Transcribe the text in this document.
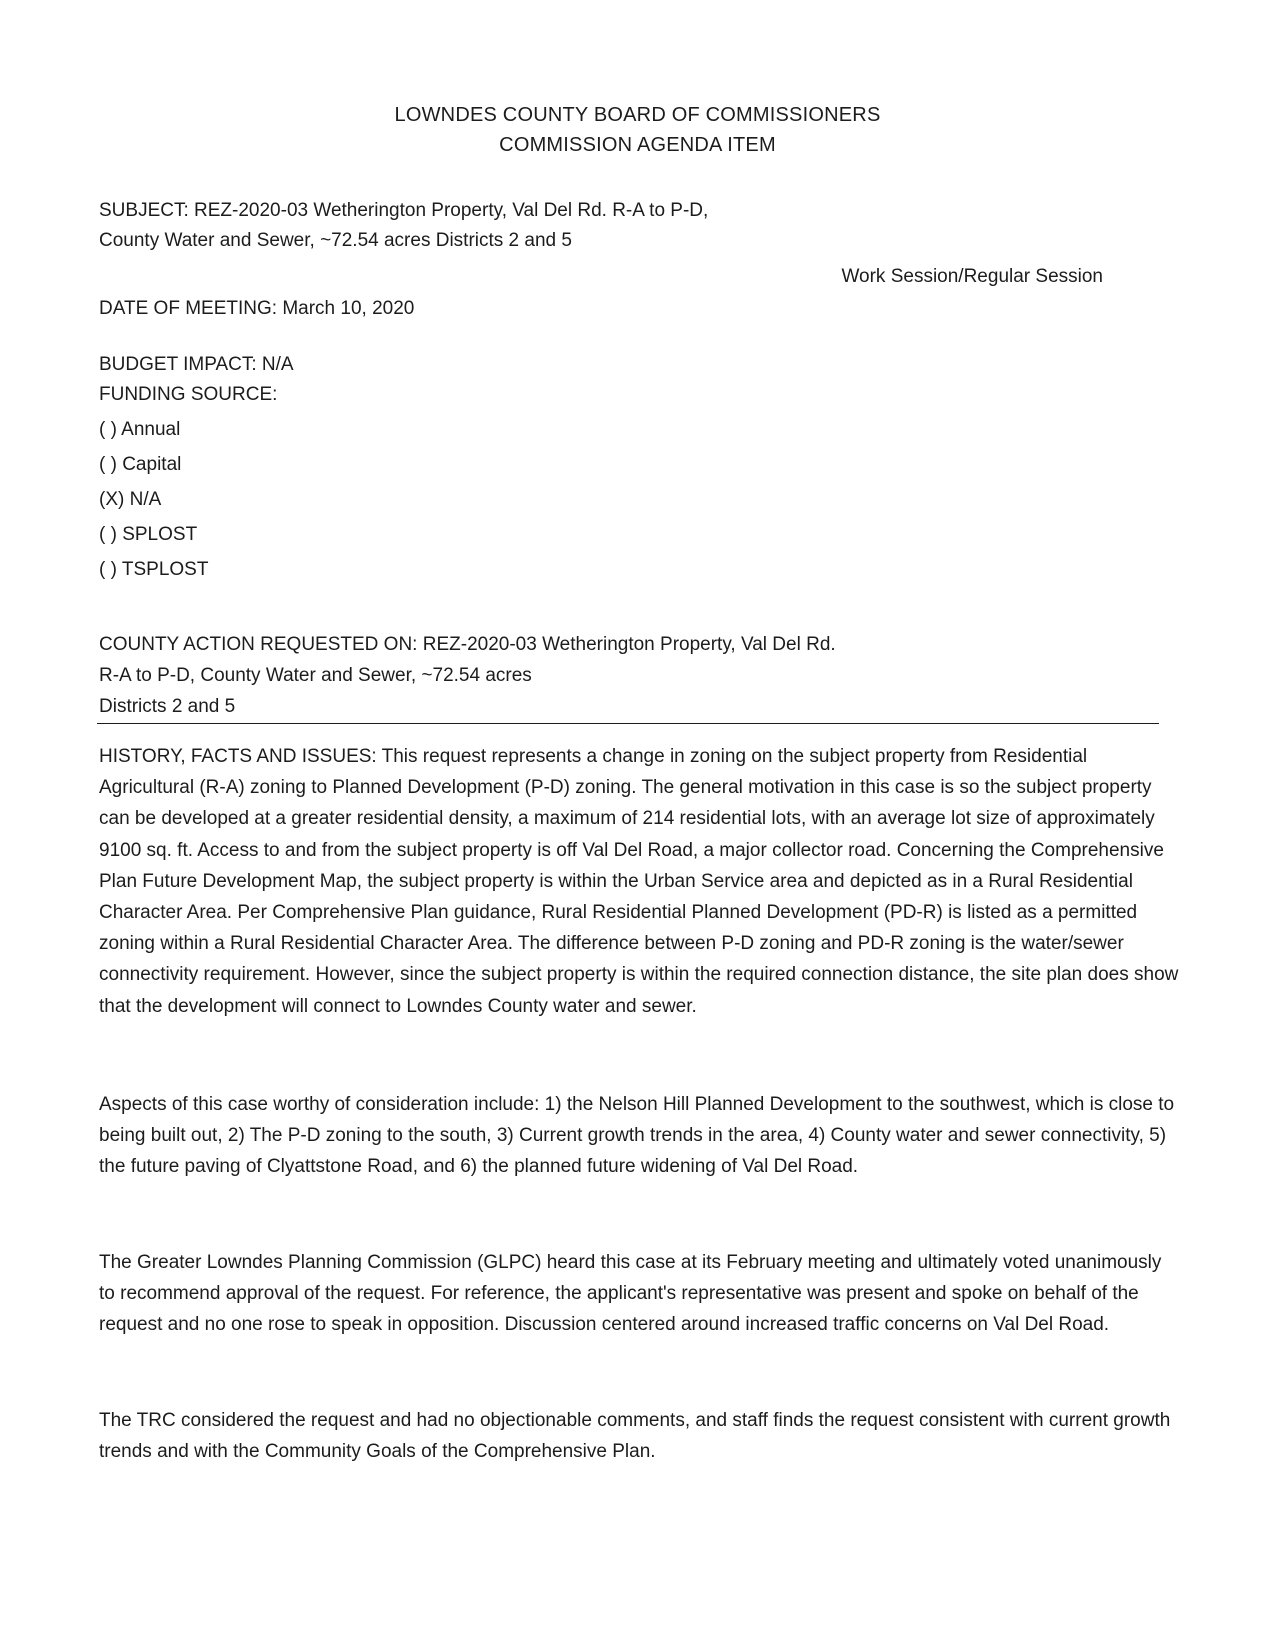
LOWNDES COUNTY BOARD OF COMMISSIONERS
COMMISSION AGENDA ITEM
SUBJECT: REZ-2020-03 Wetherington Property, Val Del Rd. R-A to P-D,
County Water and Sewer, ~72.54 acres Districts 2 and 5
Work Session/Regular Session
DATE OF MEETING: March 10, 2020
BUDGET IMPACT: N/A
FUNDING SOURCE:
( ) Annual
( ) Capital
(X) N/A
( ) SPLOST
( ) TSPLOST
COUNTY ACTION REQUESTED ON: REZ-2020-03 Wetherington Property, Val Del Rd.
R-A to P-D, County Water and Sewer, ~72.54 acres
Districts 2 and 5
HISTORY, FACTS AND ISSUES: This request represents a change in zoning on the subject property from Residential Agricultural (R-A) zoning to Planned Development (P-D) zoning. The general motivation in this case is so the subject property can be developed at a greater residential density, a maximum of 214 residential lots, with an average lot size of approximately 9100 sq. ft. Access to and from the subject property is off Val Del Road, a major collector road. Concerning the Comprehensive Plan Future Development Map, the subject property is within the Urban Service area and depicted as in a Rural Residential Character Area. Per Comprehensive Plan guidance, Rural Residential Planned Development (PD-R) is listed as a permitted zoning within a Rural Residential Character Area. The difference between P-D zoning and PD-R zoning is the water/sewer connectivity requirement. However, since the subject property is within the required connection distance, the site plan does show that the development will connect to Lowndes County water and sewer.
Aspects of this case worthy of consideration include: 1) the Nelson Hill Planned Development to the southwest, which is close to being built out, 2) The P-D zoning to the south, 3) Current growth trends in the area, 4) County water and sewer connectivity, 5) the future paving of Clyattstone Road, and 6) the planned future widening of Val Del Road.
The Greater Lowndes Planning Commission (GLPC) heard this case at its February meeting and ultimately voted unanimously to recommend approval of the request. For reference, the applicant's representative was present and spoke on behalf of the request and no one rose to speak in opposition. Discussion centered around increased traffic concerns on Val Del Road.
The TRC considered the request and had no objectionable comments, and staff finds the request consistent with current growth trends and with the Community Goals of the Comprehensive Plan.
